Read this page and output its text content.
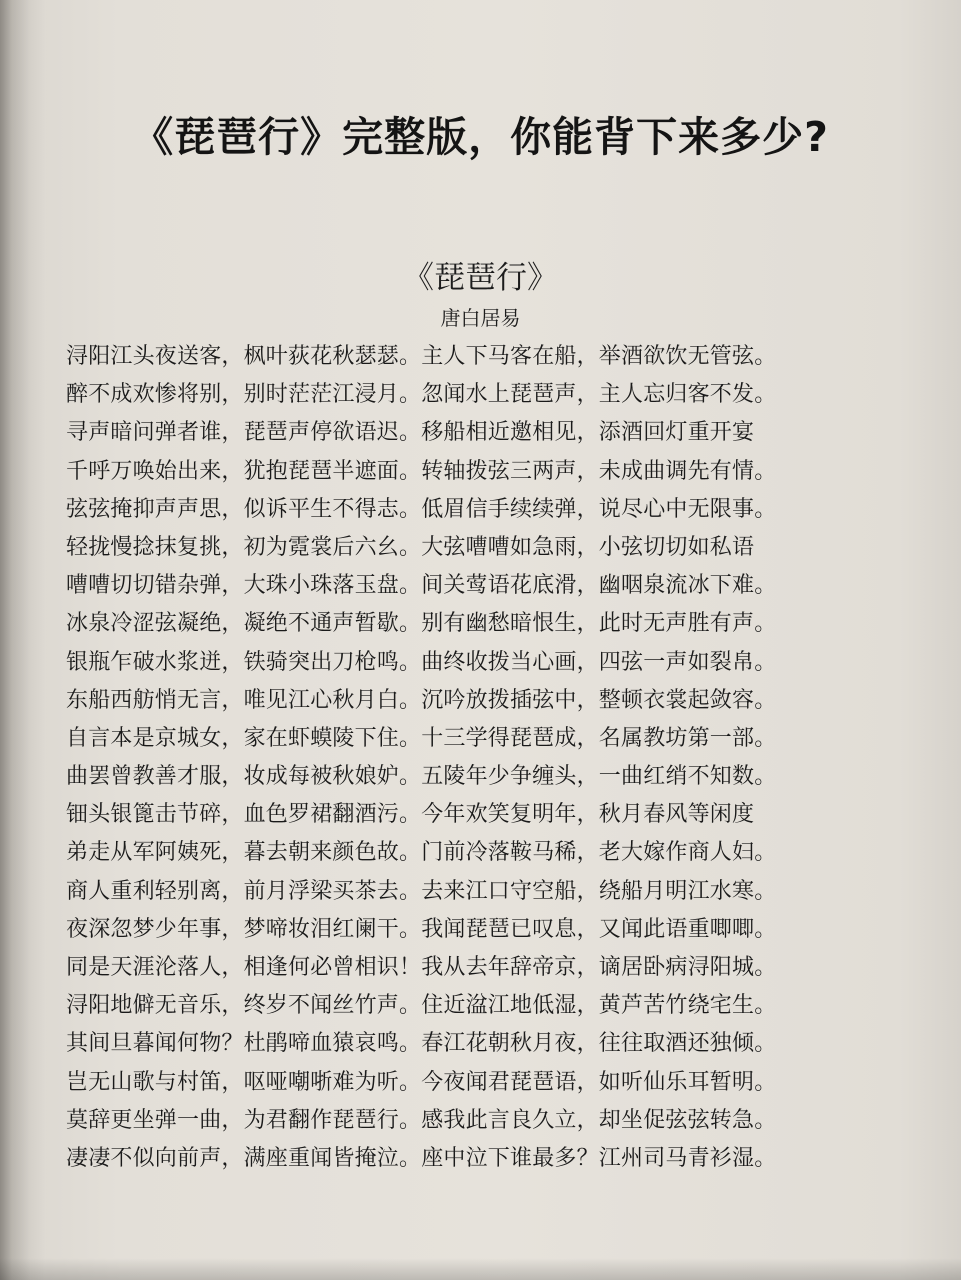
《琵琶行》完整版，你能背下来多少?
《琵琶行》
唐白居易
浔阳江头夜送客，枫叶荻花秋瑟瑟。主人下马客在船，举酒欲饮无管弦。
醉不成欢惨将别，别时茫茫江浸月。忽闻水上琵琶声，主人忘归客不发。
寻声暗问弹者谁，琵琶声停欲语迟。移船相近邀相见，添酒回灯重开宴
千呼万唤始出来，犹抱琵琶半遮面。转轴拨弦三两声，未成曲调先有情。
弦弦掩抑声声思，似诉平生不得志。低眉信手续续弹，说尽心中无限事。
轻拢慢捻抹复挑，初为霓裳后六幺。大弦嘈嘈如急雨，小弦切切如私语
嘈嘈切切错杂弹，大珠小珠落玉盘。间关莺语花底滑，幽咽泉流冰下难。
冰泉冷涩弦凝绝，凝绝不通声暂歇。别有幽愁暗恨生，此时无声胜有声。
银瓶乍破水浆迸，铁骑突出刀枪鸣。曲终收拨当心画，四弦一声如裂帛。
东船西舫悄无言，唯见江心秋月白。沉吟放拨插弦中，整顿衣裳起敛容。
自言本是京城女，家在虾蟆陵下住。十三学得琵琶成，名属教坊第一部。
曲罢曾教善才服，妆成每被秋娘妒。五陵年少争缠头，一曲红绡不知数。
钿头银篦击节碎，血色罗裙翻酒污。今年欢笑复明年，秋月春风等闲度
弟走从军阿姨死，暮去朝来颜色故。门前冷落鞍马稀，老大嫁作商人妇。
商人重利轻别离，前月浮梁买茶去。去来江口守空船，绕船月明江水寒。
夜深忽梦少年事，梦啼妆泪红阑干。我闻琵琶已叹息，又闻此语重唧唧。
同是天涯沦落人，相逢何必曾相识！我从去年辞帝京，谪居卧病浔阳城。
浔阳地僻无音乐，终岁不闻丝竹声。住近湓江地低湿，黄芦苦竹绕宅生。
其间旦暮闻何物？杜鹃啼血猿哀鸣。春江花朝秋月夜，往往取酒还独倾。
岂无山歌与村笛，呕哑嘲哳难为听。今夜闻君琵琶语，如听仙乐耳暂明。
莫辞更坐弹一曲，为君翻作琵琶行。感我此言良久立，却坐促弦弦转急。
凄凄不似向前声，满座重闻皆掩泣。座中泣下谁最多？江州司马青衫湿。
